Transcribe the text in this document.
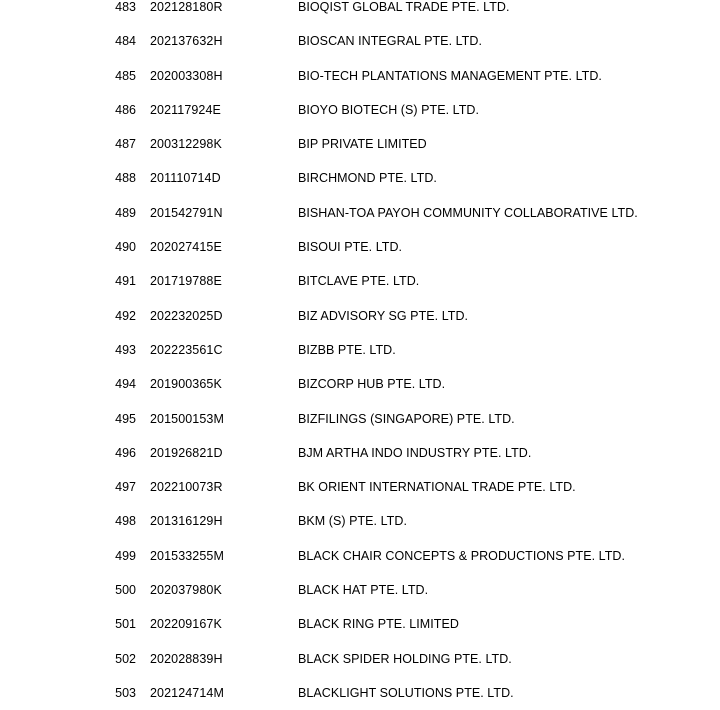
483	202128180R	BIOQIST GLOBAL TRADE PTE. LTD.
484	202137632H	BIOSCAN INTEGRAL PTE. LTD.
485	202003308H	BIO-TECH PLANTATIONS MANAGEMENT PTE. LTD.
486	202117924E	BIOYO BIOTECH (S) PTE. LTD.
487	200312298K	BIP PRIVATE LIMITED
488	201110714D	BIRCHMOND PTE. LTD.
489	201542791N	BISHAN-TOA PAYOH COMMUNITY COLLABORATIVE LTD.
490	202027415E	BISOUI PTE. LTD.
491	201719788E	BITCLAVE PTE. LTD.
492	202232025D	BIZ ADVISORY SG PTE. LTD.
493	202223561C	BIZBB PTE. LTD.
494	201900365K	BIZCORP HUB PTE. LTD.
495	201500153M	BIZFILINGS (SINGAPORE) PTE. LTD.
496	201926821D	BJM ARTHA INDO INDUSTRY PTE. LTD.
497	202210073R	BK ORIENT INTERNATIONAL TRADE PTE. LTD.
498	201316129H	BKM (S) PTE. LTD.
499	201533255M	BLACK CHAIR CONCEPTS & PRODUCTIONS PTE. LTD.
500	202037980K	BLACK HAT PTE. LTD.
501	202209167K	BLACK RING PTE. LIMITED
502	202028839H	BLACK SPIDER HOLDING PTE. LTD.
503	202124714M	BLACKLIGHT SOLUTIONS PTE. LTD.
